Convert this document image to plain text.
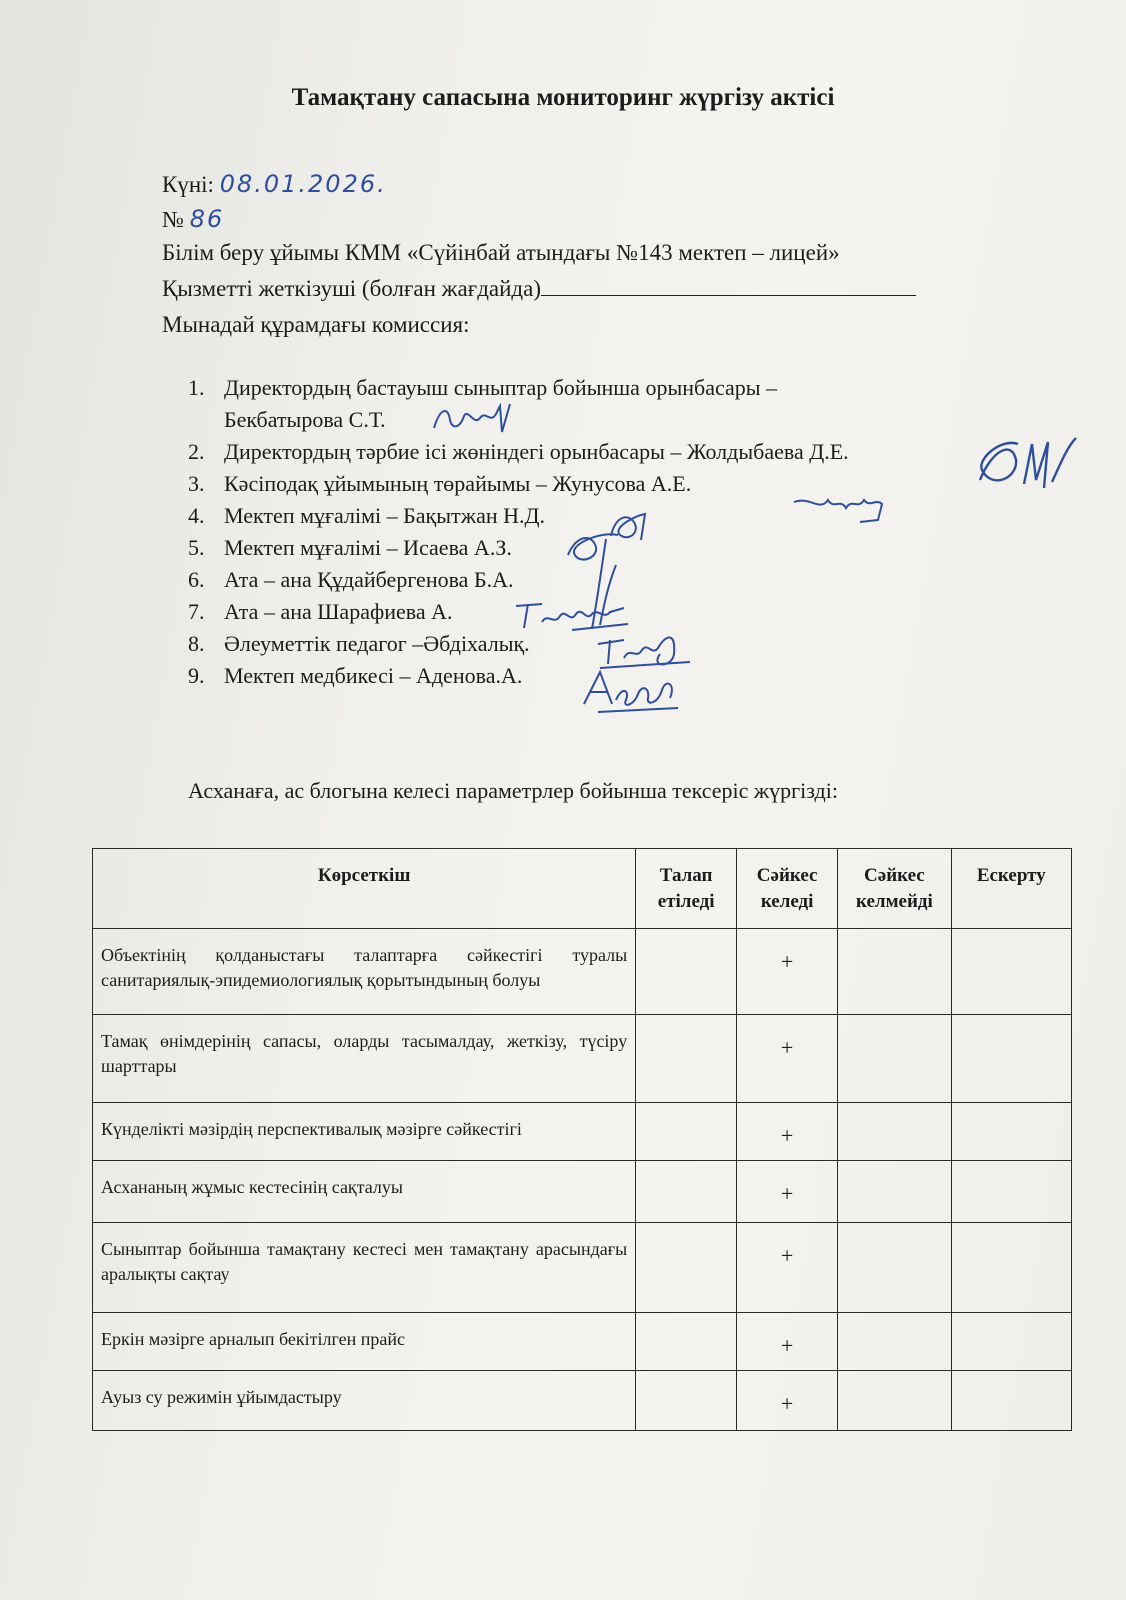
Тамақтану сапасына мониторинг жүргізу актісі
Күні: 08.01.2026.
№ 86
Білім беру ұйымы КММ «Сүйінбай атындағы №143 мектеп – лицей»
Қызметті жеткізуші (болған жағдайда)
Мынадай құрамдағы комиссия:
1. Директордың бастауыш сыныптар бойынша орынбасары –
Бекбатырова С.Т.
2. Директордың тәрбие ісі жөніндегі орынбасары – Жолдыбаева Д.Е.
3. Кәсіподақ ұйымының төрайымы – Жунусова А.Е.
4. Мектеп мұғалімі – Бақытжан Н.Д.
5. Мектеп мұғалімі – Исаева А.З.
6. Ата – ана Құдайбергенова Б.А.
7. Ата – ана Шарафиева А.
8. Әлеуметтік педагог –Әбдіхалық.
9. Мектеп медбикесі – Аденова.А.
Асханаға, ас блогына келесі параметрлер бойынша тексеріс жүргізді:
Көрсеткіш	Талап етіледі	Сәйкес келеді	Сәйкес келмейді	Ескерту
Объектінің қолданыстағы талаптарға сәйкестігі туралы санитариялық-эпидемиологиялық қорытындының болуы		+		
Тамақ өнімдерінің сапасы, оларды тасымалдау, жеткізу, түсіру шарттары		+		
Күнделікті мәзірдің перспективалық мәзірге сәйкестігі		+		
Асхананың жұмыс кестесінің сақталуы		+		
Сыныптар бойынша тамақтану кестесі мен тамақтану арасындағы аралықты сақтау		+		
Еркін мәзірге арналып бекітілген прайс		+		
Ауыз су режимін ұйымдастыру		+		
